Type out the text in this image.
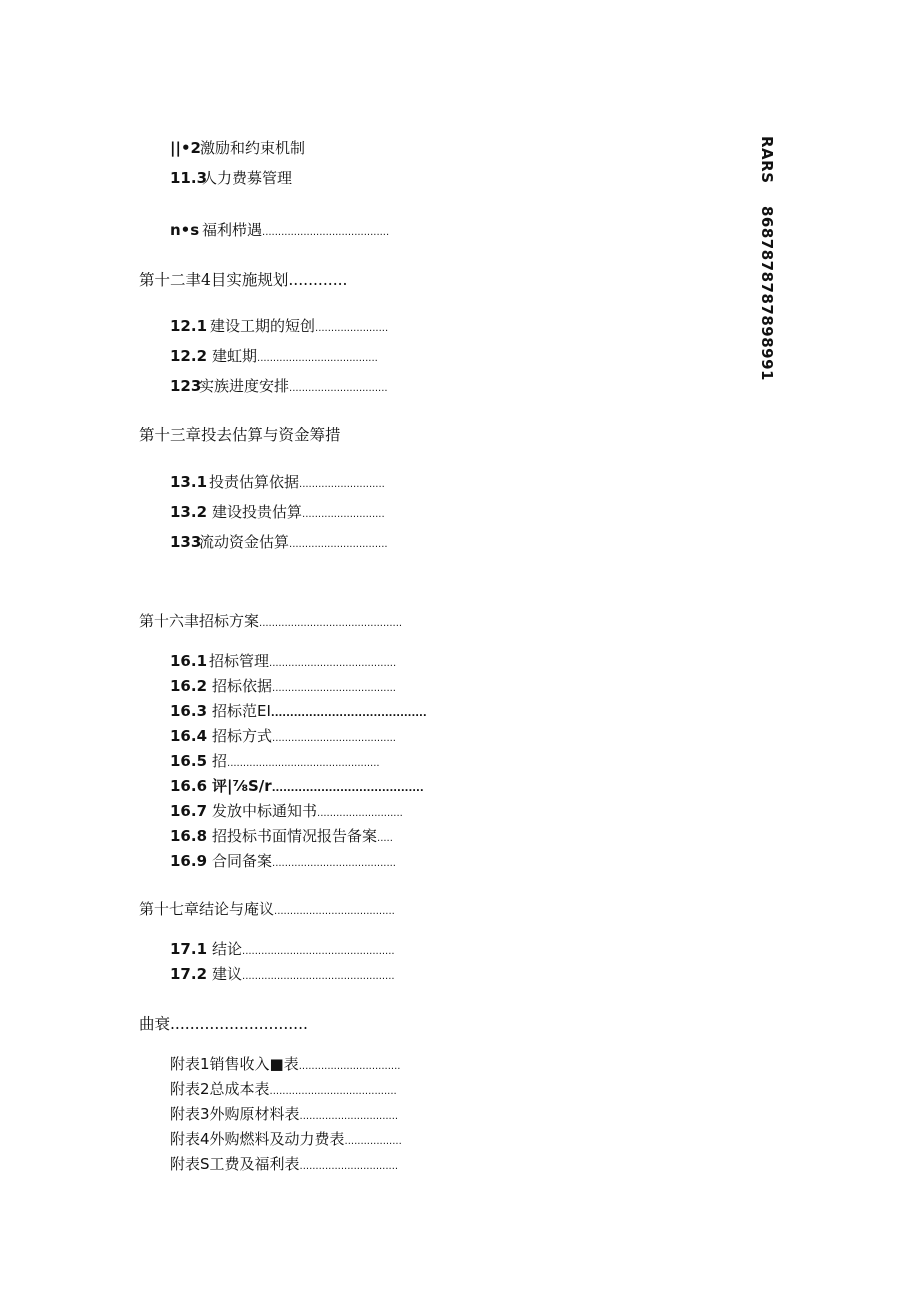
||•2激励和约束机制
11.3人力费募管理
n•s 福利栉遇........................................
第十二聿4目实施规划............
12.1 建设工期的短创.......................
12.2 建虹期......................................
123实族进度安排...............................
第十三章投去估算与资金筹措
13.1 投责估算依据...........................
13.2 建设投贵估算..........................
133流动资金估算...............................
第十六聿招标方案.............................................
16.1 招标管理........................................
16.2 招标依据.......................................
16.3 招标范EI.........................................
16.4 招标方式.......................................
16.5 招................................................
16.6 评|⅞S/r........................................
16.7 发放中标通知书...........................
16.8 招投标书面情况报告备案.....
16.9 合同备案.......................................
第十七章结论与庵议......................................
17.1 结论................................................
17.2 建议................................................
曲衰............................
附表1销售收入■表................................
附表2总成本表........................................
附表3外购原材料表...............................
附表4外购燃料及动力费表..................
附表S工费及福利表...............................
RARS
8687878787898991
